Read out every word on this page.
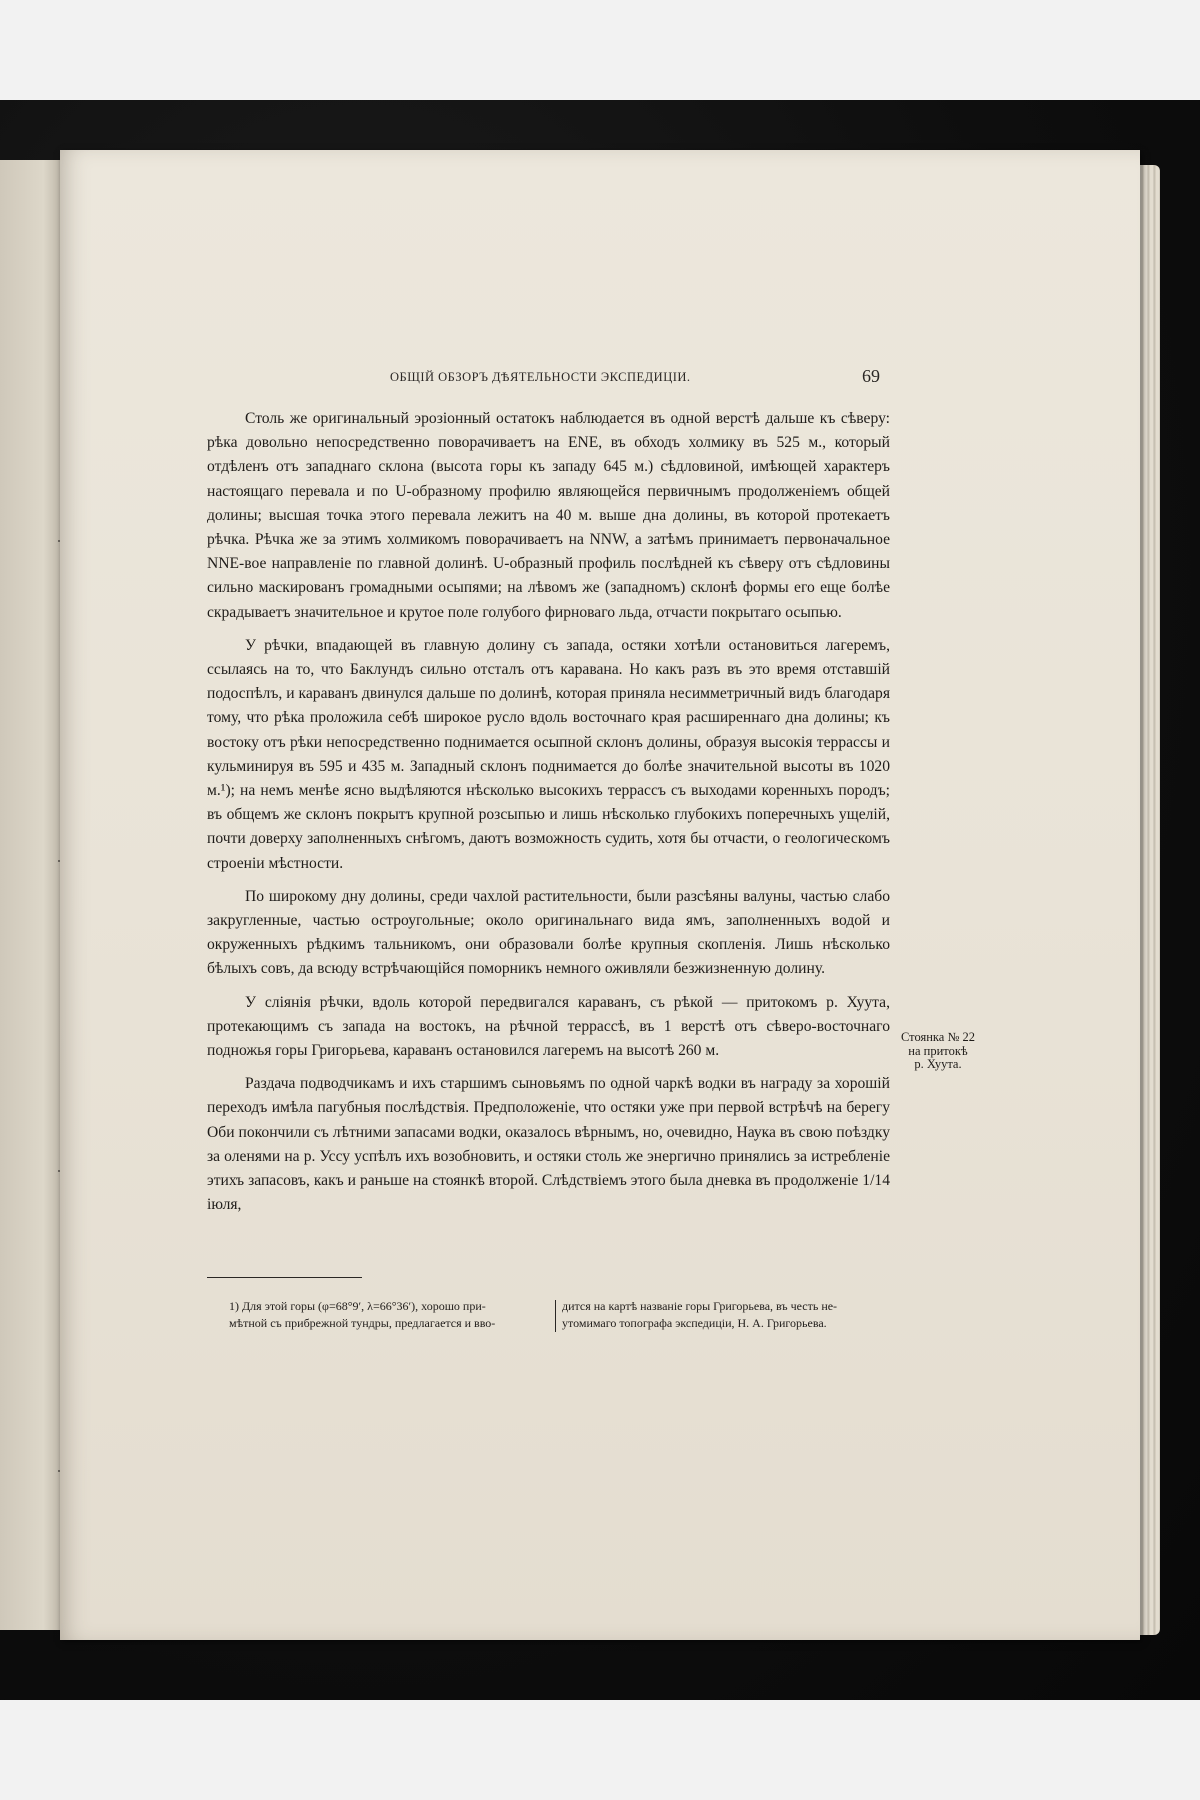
ОБЩІЙ ОБЗОРЪ ДѢЯТЕЛЬНОСТИ ЭКСПЕДИЦІИ.	69

Столь же оригинальный эрозіонный остатокъ наблюдается въ одной верстѣ дальше къ сѣверу: рѣка довольно непосредственно поворачиваетъ на ENE, въ обходъ холмику въ 525 м., который отдѣленъ отъ западнаго склона (высота горы къ западу 645 м.) сѣдловиной, имѣющей характеръ настоящаго перевала и по U-образному профилю являющейся первичнымъ продолженіемъ общей долины; высшая точка этого перевала лежитъ на 40 м. выше дна долины, въ которой протекаетъ рѣчка. Рѣчка же за этимъ холмикомъ поворачиваетъ на NNW, а затѣмъ принимаетъ первоначальное NNE-вое направленіе по главной долинѣ. U-образный профиль послѣдней къ сѣверу отъ сѣдловины сильно маскированъ громадными осыпями; на лѣвомъ же (западномъ) склонѣ формы его еще болѣе скрадываетъ значительное и крутое поле голубого фирноваго льда, отчасти покрытаго осыпью.

У рѣчки, впадающей въ главную долину съ запада, остяки хотѣли остановиться лагеремъ, ссылаясь на то, что Баклундъ сильно отсталъ отъ каравана. Но какъ разъ въ это время отставшій подоспѣлъ, и караванъ двинулся дальше по долинѣ, которая приняла несимметричный видъ благодаря тому, что рѣка проложила себѣ широкое русло вдоль восточнаго края расширеннаго дна долины; къ востоку отъ рѣки непосредственно поднимается осыпной склонъ долины, образуя высокія террассы и кульминируя въ 595 и 435 м. Западный склонъ поднимается до болѣе значительной высоты въ 1020 м.¹); на немъ менѣе ясно выдѣляются нѣсколько высокихъ террассъ съ выходами коренныхъ породъ; въ общемъ же склонъ покрытъ крупной розсыпью и лишь нѣсколько глубокихъ поперечныхъ ущелій, почти доверху заполненныхъ снѣгомъ, даютъ возможность судить, хотя бы отчасти, о геологическомъ строеніи мѣстности.

По широкому дну долины, среди чахлой растительности, были разсѣяны валуны, частью слабо закругленные, частью остроугольные; около оригинальнаго вида ямъ, заполненныхъ водой и окруженныхъ рѣдкимъ тальникомъ, они образовали болѣе крупныя скопленія. Лишь нѣсколько бѣлыхъ совъ, да всюду встрѣчающійся поморникъ немного оживляли безжизненную долину.

У сліянія рѣчки, вдоль которой передвигался караванъ, съ рѣкой — притокомъ р. Хуута, протекающимъ съ запада на востокъ, на рѣчной террассѣ, въ 1 верстѣ отъ сѣверо-восточнаго подножья горы Григорьева, караванъ остановился лагеремъ на высотѣ 260 м.

Раздача подводчикамъ и ихъ старшимъ сыновьямъ по одной чаркѣ водки въ награду за хорошій переходъ имѣла пагубныя послѣдствія. Предположеніе, что остяки уже при первой встрѣчѣ на берегу Оби покончили съ лѣтними запасами водки, оказалось вѣрнымъ, но, очевидно, Наука въ свою поѣздку за оленями на р. Уссу успѣлъ ихъ возобновить, и остяки столь же энергично принялись за истребленіе этихъ запасовъ, какъ и раньше на стоянкѣ второй. Слѣдствіемъ этого была дневка въ продолженіе 1/14 іюля,

Стоянка № 22
на притокѣ
р. Хуута.
1) Для этой горы (φ=68°9′, λ=66°36′), хорошо при-
мѣтной съ прибрежной тундры, предлагается и вво-
дится на картѣ названіе горы Григорьева, въ честь не-
утомимаго топографа экспедиціи, Н. А. Григорьева.
